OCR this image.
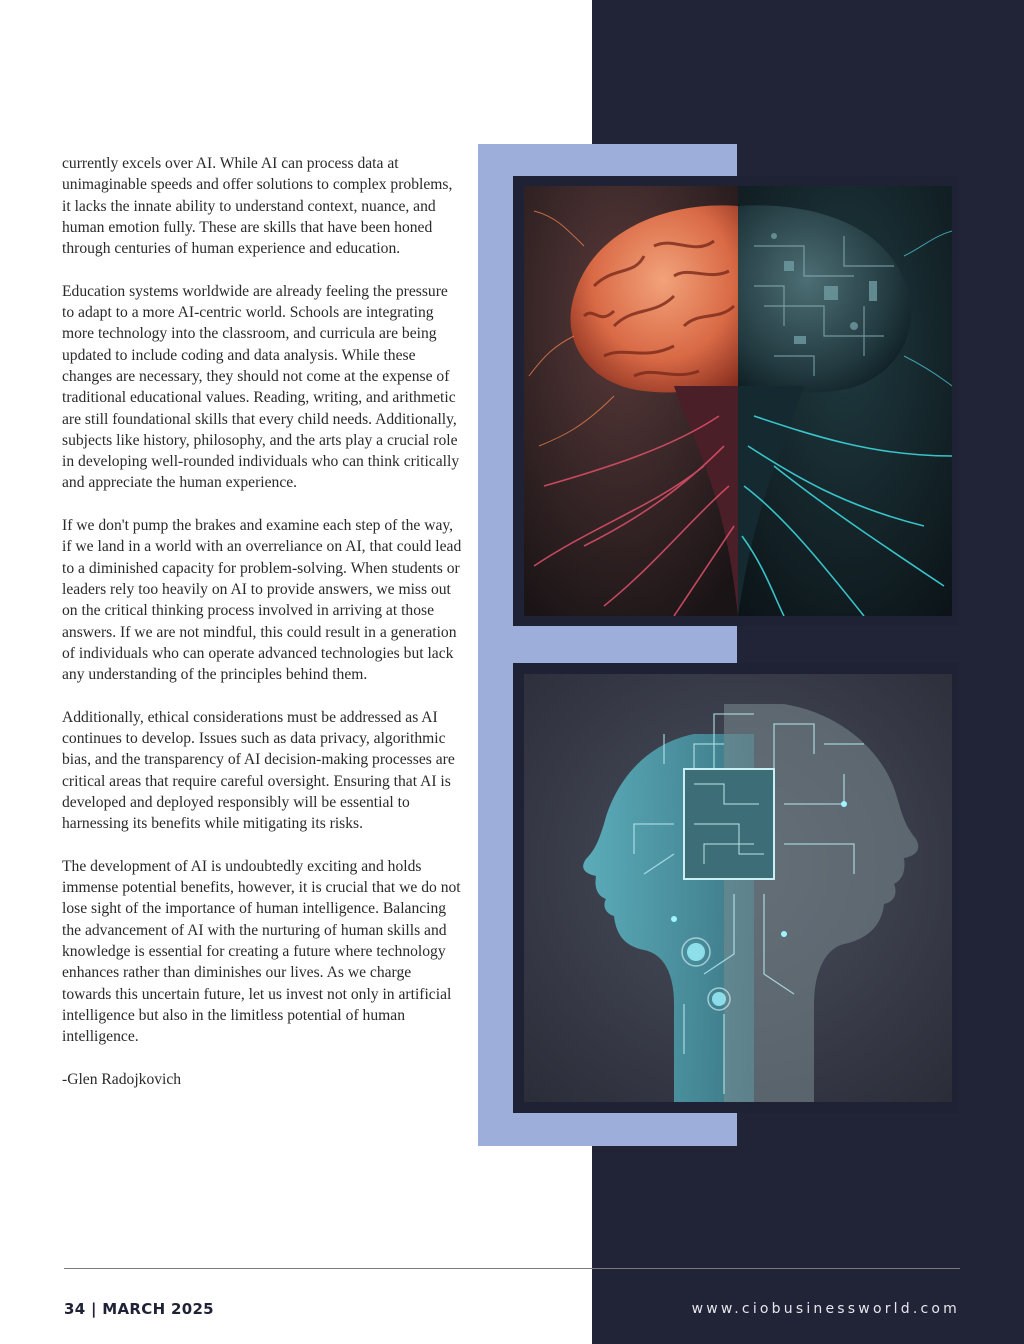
currently excels over AI. While AI can process data at unimaginable speeds and offer solutions to complex problems, it lacks the innate ability to understand context, nuance, and human emotion fully. These are skills that have been honed through centuries of human experience and education.

Education systems worldwide are already feeling the pressure to adapt to a more AI-centric world. Schools are integrating more technology into the classroom, and curricula are being updated to include coding and data analysis. While these changes are necessary, they should not come at the expense of traditional educational values. Reading, writing, and arithmetic are still foundational skills that every child needs. Additionally, subjects like history, philosophy, and the arts play a crucial role in developing well-rounded individuals who can think critically and appreciate the human experience.

If we don't pump the brakes and examine each step of the way, if we land in a world with an overreliance on AI, that could lead to a diminished capacity for problem-solving. When students or leaders rely too heavily on AI to provide answers, we miss out on the critical thinking process involved in arriving at those answers. If we are not mindful, this could result in a generation of individuals who can operate advanced technologies but lack any understanding of the principles behind them.

Additionally, ethical considerations must be addressed as AI continues to develop. Issues such as data privacy, algorithmic bias, and the transparency of AI decision-making processes are critical areas that require careful oversight. Ensuring that AI is developed and deployed responsibly will be essential to harnessing its benefits while mitigating its risks.

The development of AI is undoubtedly exciting and holds immense potential benefits, however, it is crucial that we do not lose sight of the importance of human intelligence. Balancing the advancement of AI with the nurturing of human skills and knowledge is essential for creating a future where technology enhances rather than diminishes our lives. As we charge towards this uncertain future, let us invest not only in artificial intelligence but also in the limitless potential of human intelligence.

-Glen Radojkovich

34 | MARCH 2025	www.ciobusinessworld.com
